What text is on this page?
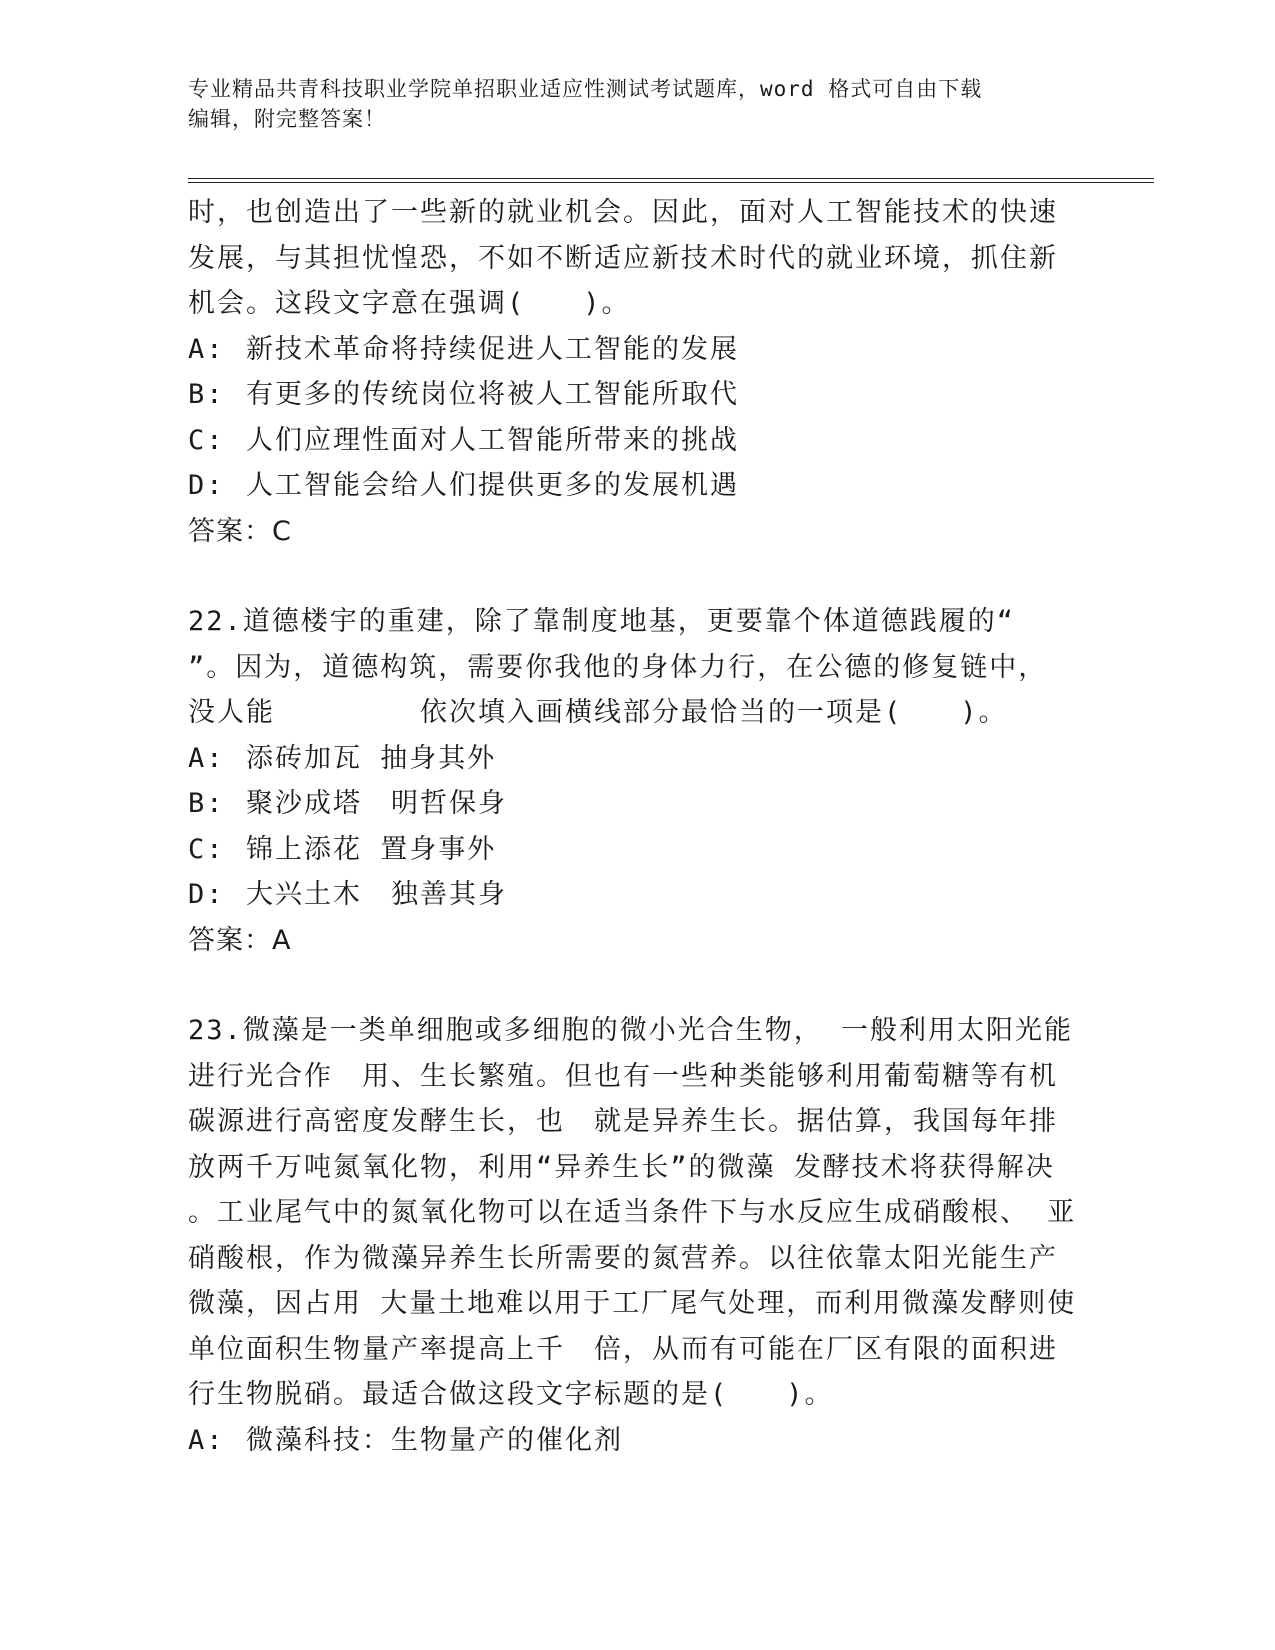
专业精品共青科技职业学院单招职业适应性测试考试题库，word 格式可自由下载
编辑，附完整答案！
时，也创造出了一些新的就业机会。因此，面对人工智能技术的快速
发展，与其担忧惶恐，不如不断适应新技术时代的就业环境，抓住新
机会。这段文字意在强调(　　)。
A: 新技术革命将持续促进人工智能的发展
B: 有更多的传统岗位将被人工智能所取代
C: 人们应理性面对人工智能所带来的挑战
D: 人工智能会给人们提供更多的发展机遇
答案：C
22.道德楼宇的重建，除了靠制度地基，更要靠个体道德践履的“
”。因为，道德构筑，需要你我他的身体力行，在公德的修复链中，
没人能　　　　　依次填入画横线部分最恰当的一项是(　　)。
A: 添砖加瓦 抽身其外
B: 聚沙成塔　明哲保身
C: 锦上添花 置身事外
D: 大兴土木　独善其身
答案：A
23.微藻是一类单细胞或多细胞的微小光合生物， 一般利用太阳光能
进行光合作　用、生长繁殖。但也有一些种类能够利用葡萄糖等有机
碳源进行高密度发酵生长，也　就是异养生长。据估算，我国每年排
放两千万吨氮氧化物，利用“异养生长”的微藻 发酵技术将获得解决
。工业尾气中的氮氧化物可以在适当条件下与水反应生成硝酸根、 亚
硝酸根，作为微藻异养生长所需要的氮营养。以往依靠太阳光能生产
微藻，因占用 大量土地难以用于工厂尾气处理，而利用微藻发酵则使
单位面积生物量产率提高上千　倍，从而有可能在厂区有限的面积进
行生物脱硝。最适合做这段文字标题的是(　　)。
A: 微藻科技：生物量产的催化剂
